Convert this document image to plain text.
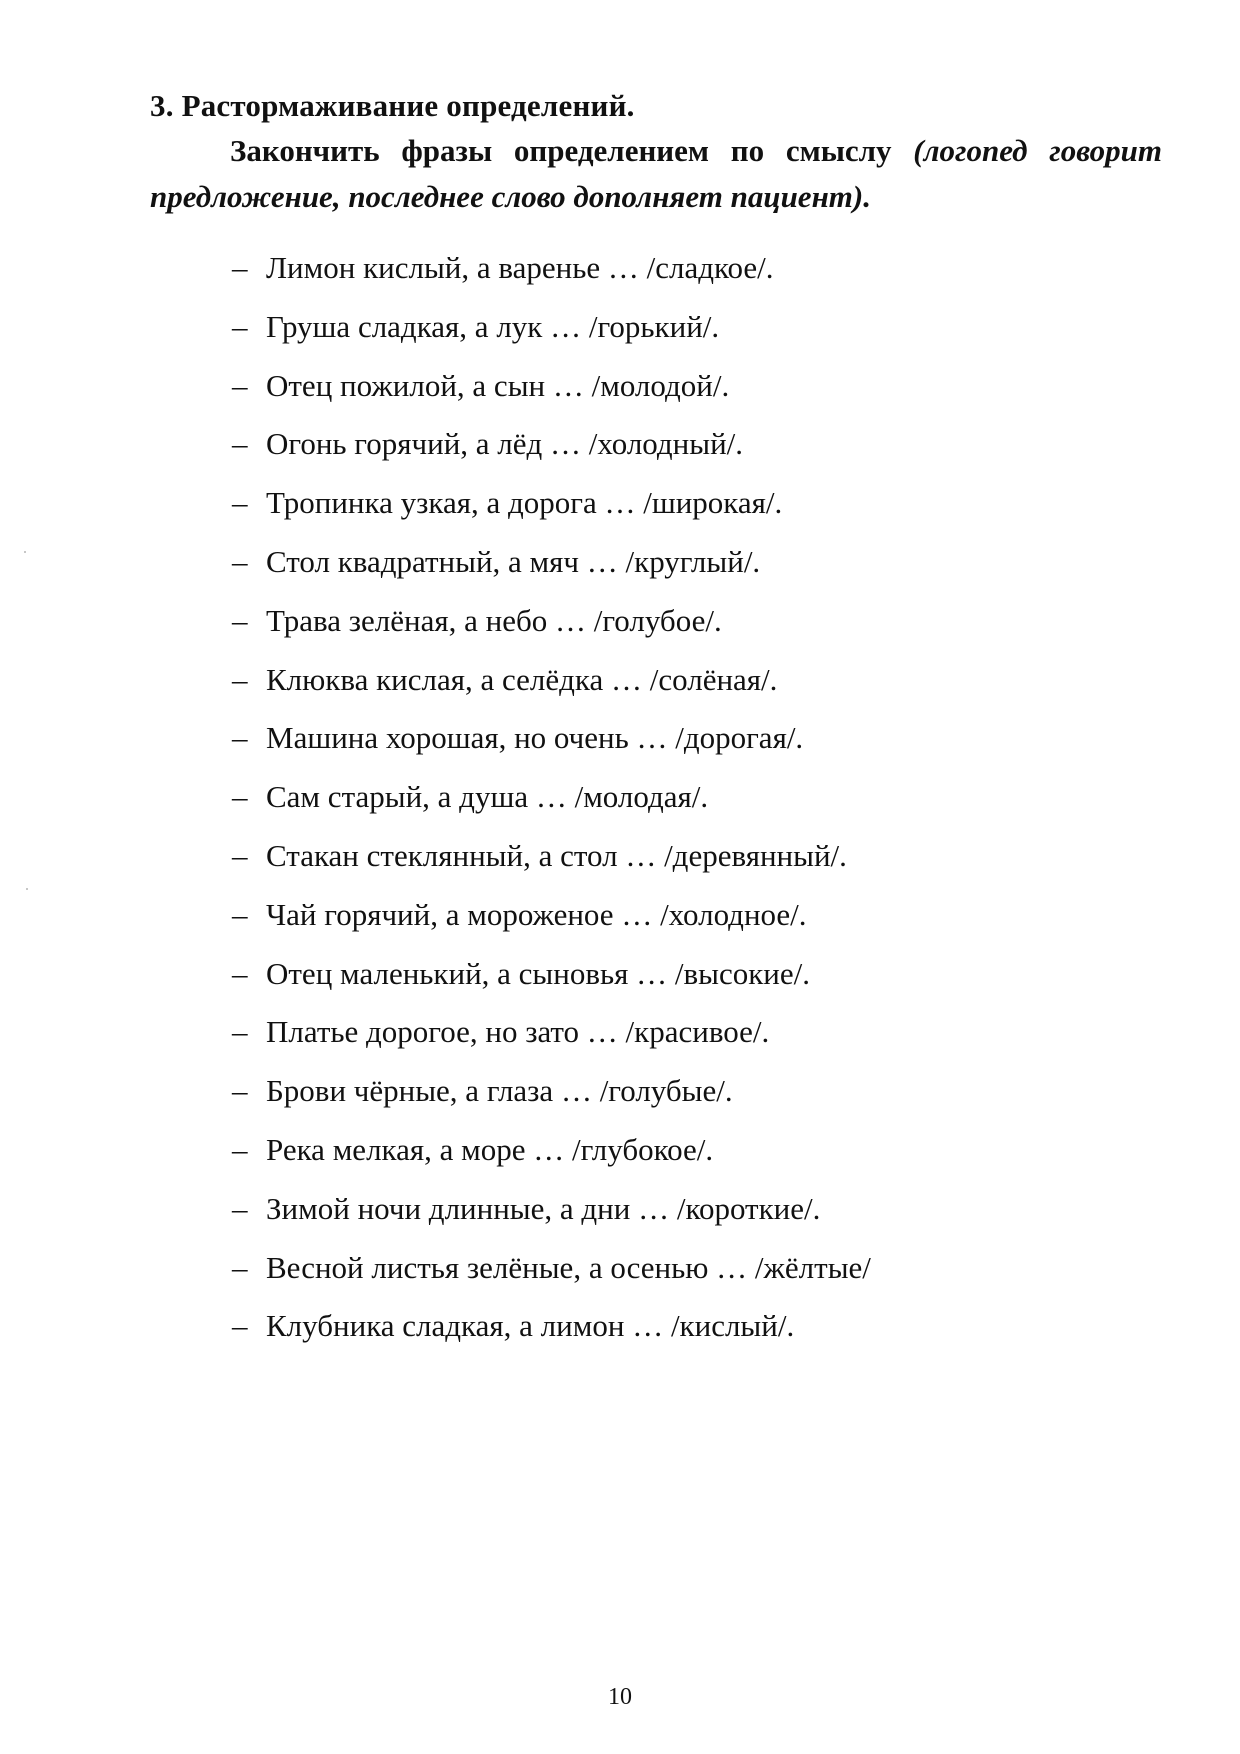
3. Растормаживание определений.
Закончить фразы определением по смыслу (логопед говорит предложение, последнее слово дополняет пациент).
– Лимон кислый, а варенье … /сладкое/.
– Груша сладкая, а лук … /горький/.
– Отец пожилой, а сын … /молодой/.
– Огонь горячий, а лёд … /холодный/.
– Тропинка узкая, а дорога … /широкая/.
– Стол квадратный, а мяч … /круглый/.
– Трава зелёная, а небо … /голубое/.
– Клюква кислая, а селёдка … /солёная/.
– Машина хорошая, но очень … /дорогая/.
– Сам старый, а душа … /молодая/.
– Стакан стеклянный, а стол … /деревянный/.
– Чай горячий, а мороженое … /холодное/.
– Отец маленький, а сыновья … /высокие/.
– Платье дорогое, но зато … /красивое/.
– Брови чёрные, а глаза … /голубые/.
– Река мелкая, а море … /глубокое/.
– Зимой ночи длинные, а дни … /короткие/.
– Весной листья зелёные, а осенью … /жёлтые/
– Клубника сладкая, а лимон … /кислый/.
10
